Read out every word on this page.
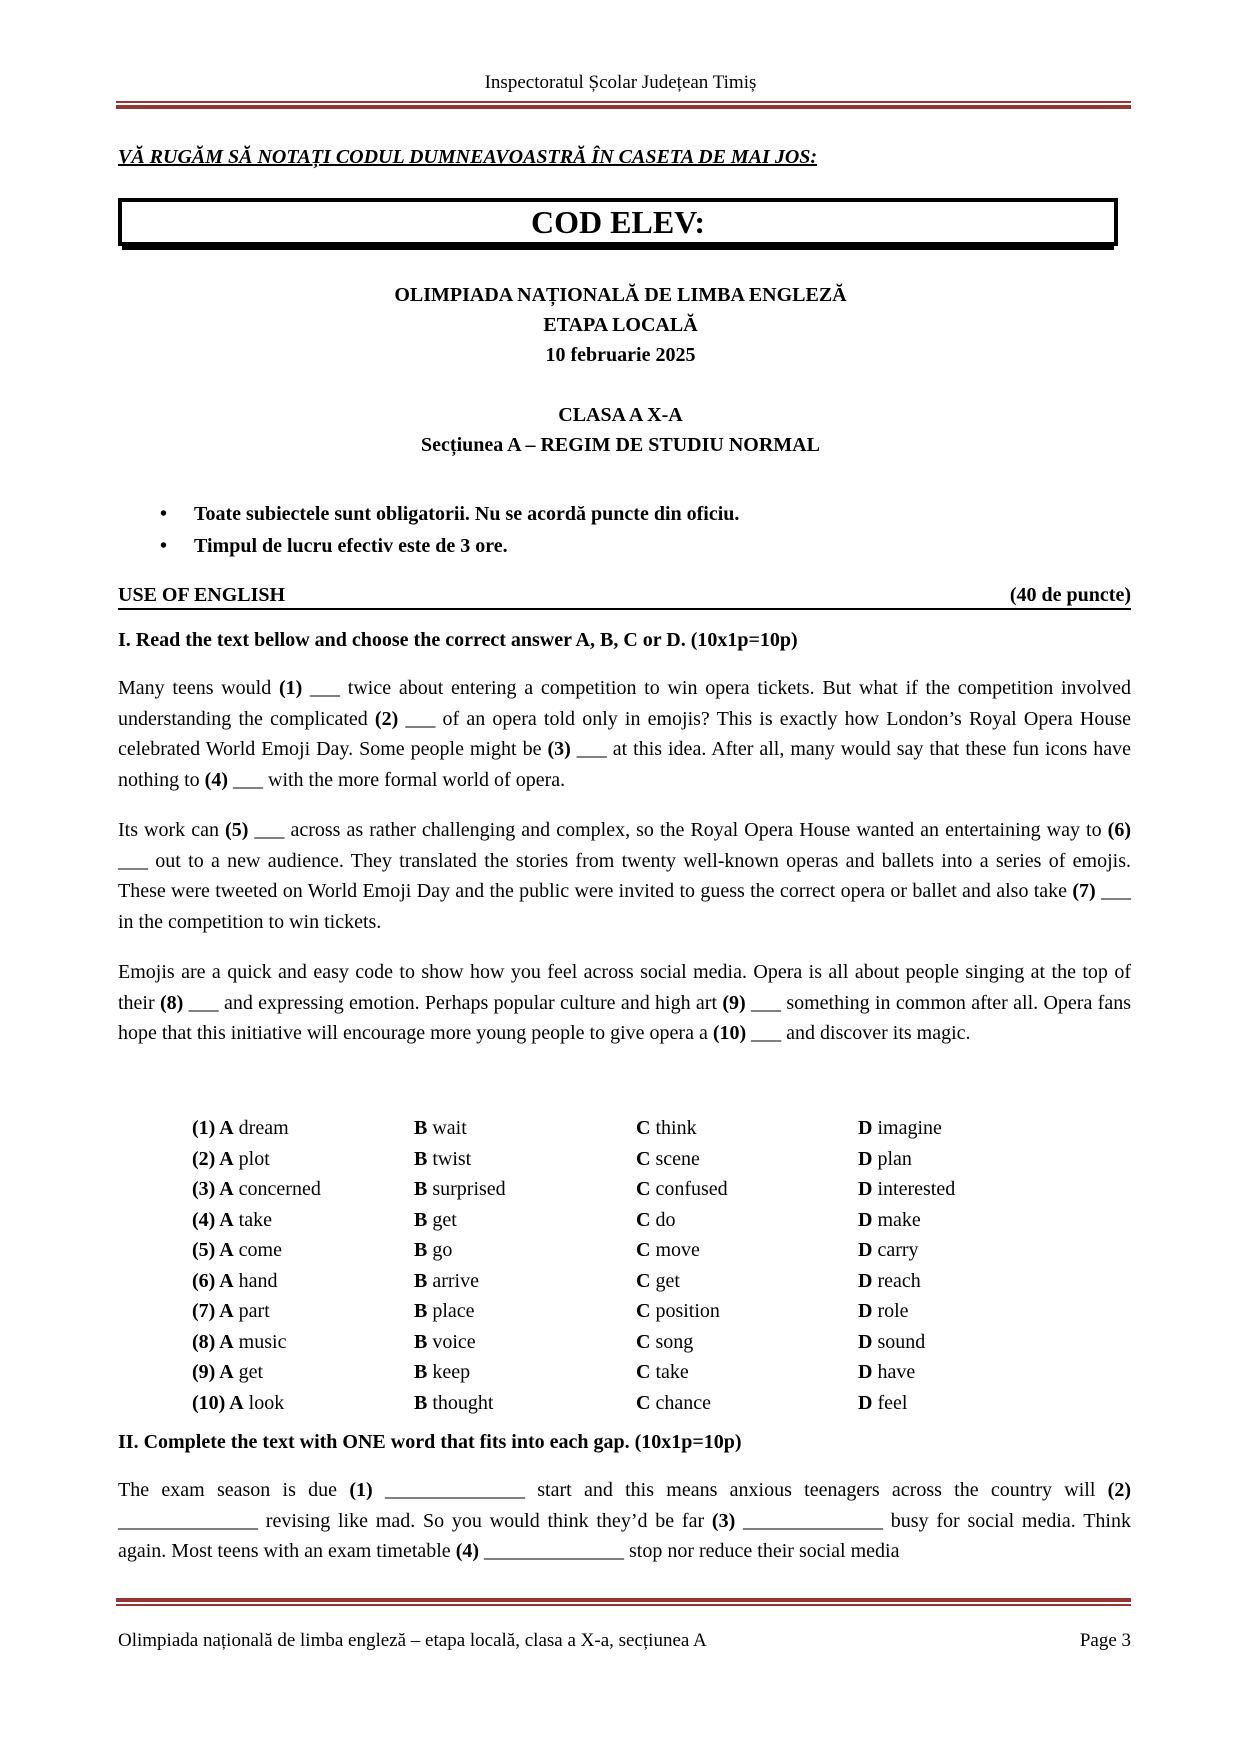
Inspectoratul Școlar Județean Timiș
VĂ RUGĂM SĂ NOTAȚI CODUL DUMNEAVOASTRĂ ÎN CASETA DE MAI JOS:
COD ELEV:
OLIMPIADA NAȚIONALĂ DE LIMBA ENGLEZĂ
ETAPA LOCALĂ
10 februarie 2025
CLASA A X-A
Secțiunea A – REGIM DE STUDIU NORMAL
• Toate subiectele sunt obligatorii. Nu se acordă puncte din oficiu.
• Timpul de lucru efectiv este de 3 ore.
USE OF ENGLISH	(40 de puncte)
I. Read the text bellow and choose the correct answer A, B, C or D. (10x1p=10p)

Many teens would (1) ___ twice about entering a competition to win opera tickets. But what if the competition involved understanding the complicated (2) ___ of an opera told only in emojis? This is exactly how London’s Royal Opera House celebrated World Emoji Day. Some people might be (3) ___ at this idea. After all, many would say that these fun icons have nothing to (4) ___ with the more formal world of opera.

Its work can (5) ___ across as rather challenging and complex, so the Royal Opera House wanted an entertaining way to (6) ___ out to a new audience. They translated the stories from twenty well-known operas and ballets into a series of emojis. These were tweeted on World Emoji Day and the public were invited to guess the correct opera or ballet and also take (7) ___ in the competition to win tickets.

Emojis are a quick and easy code to show how you feel across social media. Opera is all about people singing at the top of their (8) ___ and expressing emotion. Perhaps popular culture and high art (9) ___ something in common after all. Opera fans hope that this initiative will encourage more young people to give opera a (10) ___ and discover its magic.

(1) A dream	B wait	C think	D imagine
(2) A plot	B twist	C scene	D plan
(3) A concerned	B surprised	C confused	D interested
(4) A take	B get	C do	D make
(5) A come	B go	C move	D carry
(6) A hand	B arrive	C get	D reach
(7) A part	B place	C position	D role
(8) A music	B voice	C song	D sound
(9) A get	B keep	C take	D have
(10) A look	B thought	C chance	D feel
II. Complete the text with ONE word that fits into each gap. (10x1p=10p)

The exam season is due (1) ______________ start and this means anxious teenagers across the country will (2) ______________ revising like mad. So you would think they’d be far (3) ______________ busy for social media. Think again. Most teens with an exam timetable (4) ______________ stop nor reduce their social media

Olimpiada națională de limba engleză – etapa locală, clasa a X-a, secțiunea A	Page 3
